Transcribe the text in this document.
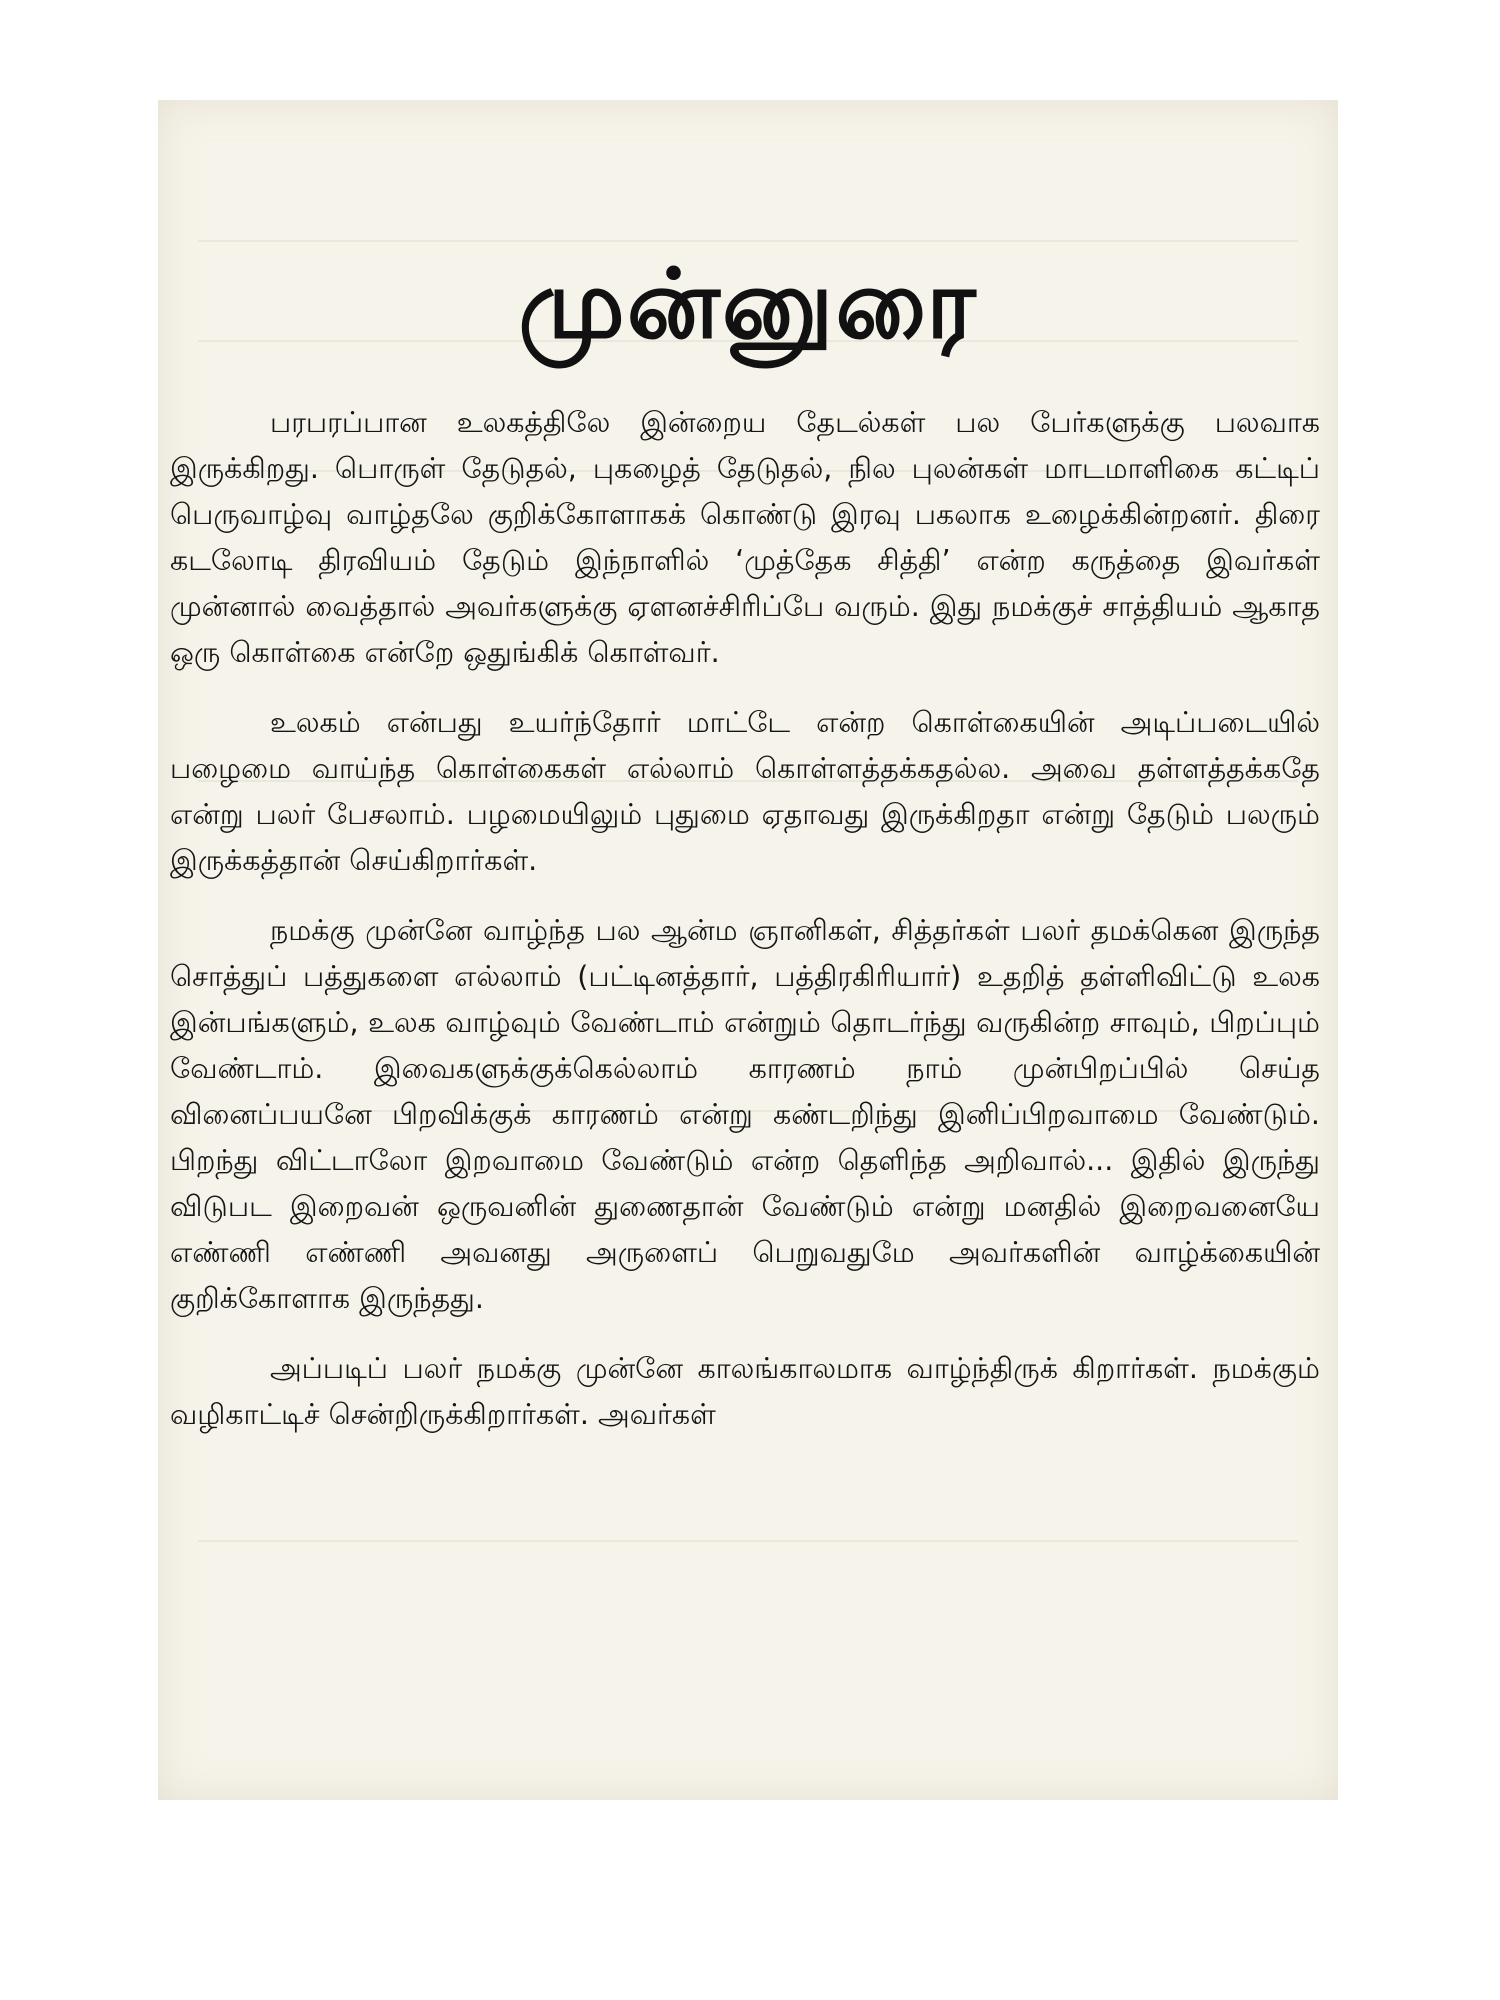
முன்னுரை

பரபரப்பான உலகத்திலே இன்றைய தேடல்கள் பல பேர்களுக்கு பலவாக இருக்கிறது. பொருள் தேடுதல், புகழைத் தேடுதல், நில புலன்கள் மாடமாளிகை கட்டிப் பெருவாழ்வு வாழ்தலே குறிக்கோளாகக் கொண்டு இரவு பகலாக உழைக்கின்றனர். திரை கடலோடி திரவியம் தேடும் இந்நாளில் ‘முத்தேக சித்தி’ என்ற கருத்தை இவர்கள் முன்னால் வைத்தால் அவர்களுக்கு ஏளனச்சிரிப்பே வரும். இது நமக்குச் சாத்தியம் ஆகாத ஒரு கொள்கை என்றே ஒதுங்கிக் கொள்வர்.

உலகம் என்பது உயர்ந்தோர் மாட்டே என்ற கொள்கையின் அடிப்படையில் பழைமை வாய்ந்த கொள்கைகள் எல்லாம் கொள்ளத்தக்கதல்ல. அவை தள்ளத்தக்கதே என்று பலர் பேசலாம். பழமையிலும் புதுமை ஏதாவது இருக்கிறதா என்று தேடும் பலரும் இருக்கத்தான் செய்கிறார்கள்.

நமக்கு முன்னே வாழ்ந்த பல ஆன்ம ஞானிகள், சித்தர்கள் பலர் தமக்கென இருந்த சொத்துப் பத்துகளை எல்லாம் (பட்டினத்தார், பத்திரகிரியார்) உதறித் தள்ளிவிட்டு உலக இன்பங்களும், உலக வாழ்வும் வேண்டாம் என்றும் தொடர்ந்து வருகின்ற சாவும், பிறப்பும் வேண்டாம். இவைகளுக்குக்கெல்லாம் காரணம் நாம் முன்பிறப்பில் செய்த வினைப்பயனே பிறவிக்குக் காரணம் என்று கண்டறிந்து இனிப்பிறவாமை வேண்டும். பிறந்து விட்டாலோ இறவாமை வேண்டும் என்ற தெளிந்த அறிவால்... இதில் இருந்து விடுபட இறைவன் ஒருவனின் துணைதான் வேண்டும் என்று மனதில் இறைவனையே எண்ணி எண்ணி அவனது அருளைப் பெறுவதுமே அவர்களின் வாழ்க்கையின் குறிக்கோளாக இருந்தது.

அப்படிப் பலர் நமக்கு முன்னே காலங்காலமாக வாழ்ந்திருக் கிறார்கள். நமக்கும் வழிகாட்டிச் சென்றிருக்கிறார்கள். அவர்கள்
